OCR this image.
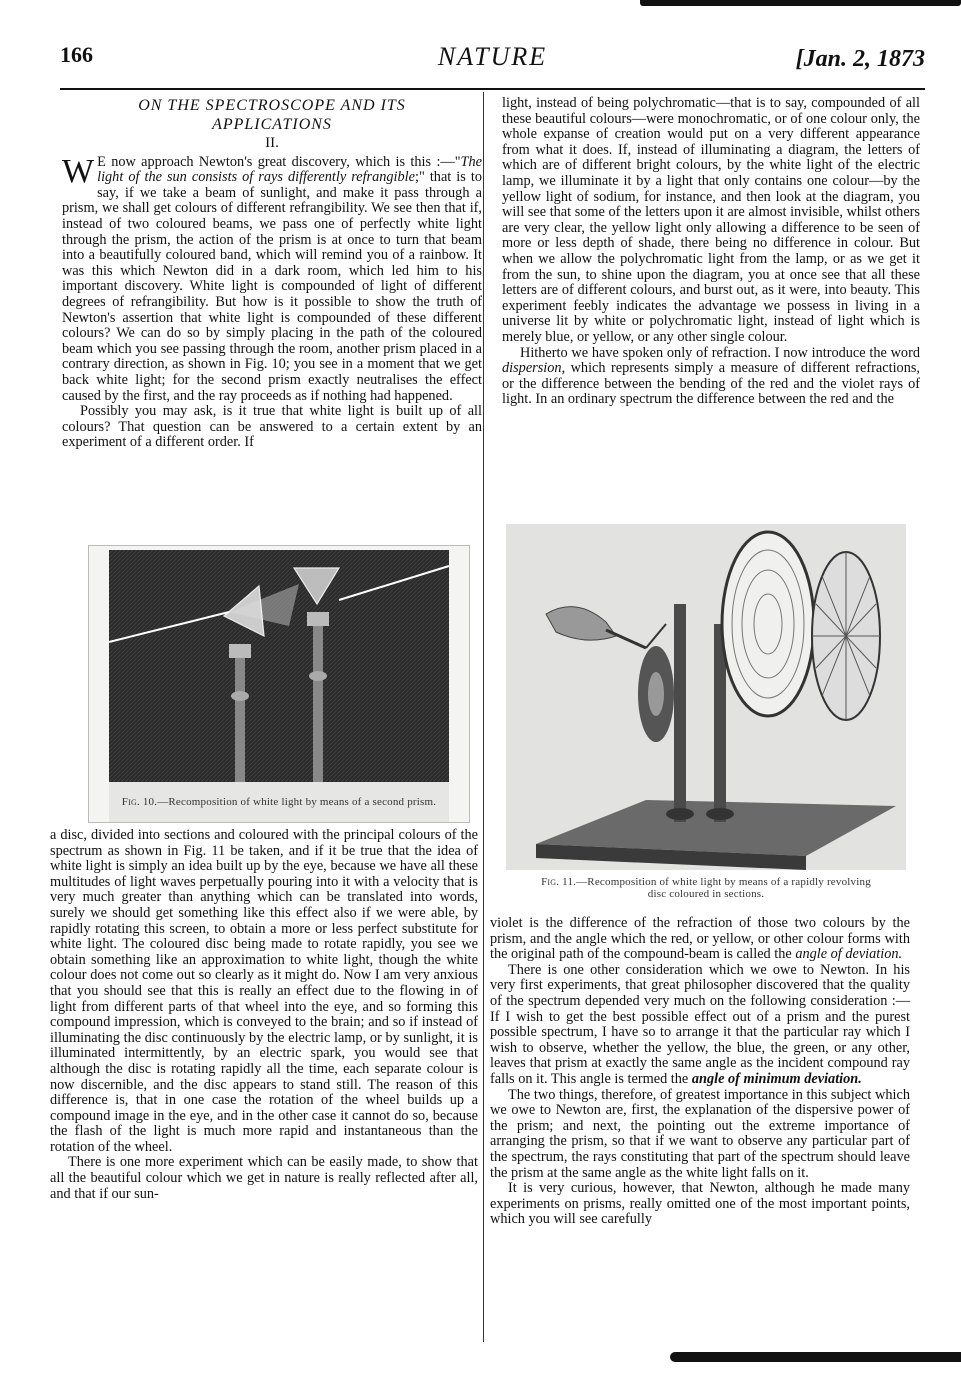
166	NATURE	[Jan. 2, 1873
ON THE SPECTROSCOPE AND ITS
APPLICATIONS
II.

W E now approach Newton's great discovery, which is this :—"The light of the sun consists of rays differently refrangible;" that is to say, if we take a beam of sunlight, and make it pass through a prism, we shall get colours of different refrangibility. We see then that if, instead of two coloured beams, we pass one of perfectly white light through the prism, the action of the prism is at once to turn that beam into a beautifully coloured band, which will remind you of a rainbow. It was this which Newton did in a dark room, which led him to his important discovery. White light is compounded of light of different degrees of refrangibility. But how is it possible to show the truth of Newton's assertion that white light is compounded of these different colours? We can do so by simply placing in the path of the coloured beam which you see passing through the room, another prism placed in a contrary direction, as shown in Fig. 10; you see in a moment that we get back white light; for the second prism exactly neutralises the effect caused by the first, and the ray proceeds as if nothing had happened.

Possibly you may ask, is it true that white light is built up of all colours? That question can be answered to a certain extent by an experiment of a different order. If

Fig. 10.—Recomposition of white light by means of a second prism.

a disc, divided into sections and coloured with the principal colours of the spectrum as shown in Fig. 11 be taken, and if it be true that the idea of white light is simply an idea built up by the eye, because we have all these multitudes of light waves perpetually pouring into it with a velocity that is very much greater than anything which can be translated into words, surely we should get something like this effect also if we were able, by rapidly rotating this screen, to obtain a more or less perfect substitute for white light. The coloured disc being made to rotate rapidly, you see we obtain something like an approximation to white light, though the white colour does not come out so clearly as it might do. Now I am very anxious that you should see that this is really an effect due to the flowing in of light from different parts of that wheel into the eye, and so forming this compound impression, which is conveyed to the brain; and so if instead of illuminating the disc continuously by the electric lamp, or by sunlight, it is illuminated intermittently, by an electric spark, you would see that although the disc is rotating rapidly all the time, each separate colour is now discernible, and the disc appears to stand still. The reason of this difference is, that in one case the rotation of the wheel builds up a compound image in the eye, and in the other case it cannot do so, because the flash of the light is much more rapid and instantaneous than the rotation of the wheel.

There is one more experiment which can be easily made, to show that all the beautiful colour which we get in nature is really reflected after all, and that if our sun-

light, instead of being polychromatic—that is to say, compounded of all these beautiful colours—were monochromatic, or of one colour only, the whole expanse of creation would put on a very different appearance from what it does. If, instead of illuminating a diagram, the letters of which are of different bright colours, by the white light of the electric lamp, we illuminate it by a light that only contains one colour—by the yellow light of sodium, for instance, and then look at the diagram, you will see that some of the letters upon it are almost invisible, whilst others are very clear, the yellow light only allowing a difference to be seen of more or less depth of shade, there being no difference in colour. But when we allow the polychromatic light from the lamp, or as we get it from the sun, to shine upon the diagram, you at once see that all these letters are of different colours, and burst out, as it were, into beauty. This experiment feebly indicates the advantage we possess in living in a universe lit by white or polychromatic light, instead of light which is merely blue, or yellow, or any other single colour.

Hitherto we have spoken only of refraction. I now introduce the word dispersion, which represents simply a measure of different refractions, or the difference between the bending of the red and the violet rays of light. In an ordinary spectrum the difference between the red and the

Fig. 11.—Recomposition of white light by means of a rapidly revolving
disc coloured in sections.

violet is the difference of the refraction of those two colours by the prism, and the angle which the red, or yellow, or other colour forms with the original path of the compound-beam is called the angle of deviation.

There is one other consideration which we owe to Newton. In his very first experiments, that great philosopher discovered that the quality of the spectrum depended very much on the following consideration :—If I wish to get the best possible effect out of a prism and the purest possible spectrum, I have so to arrange it that the particular ray which I wish to observe, whether the yellow, the blue, the green, or any other, leaves that prism at exactly the same angle as the incident compound ray falls on it. This angle is termed the angle of minimum deviation.

The two things, therefore, of greatest importance in this subject which we owe to Newton are, first, the explanation of the dispersive power of the prism; and next, the pointing out the extreme importance of arranging the prism, so that if we want to observe any particular part of the spectrum, the rays constituting that part of the spectrum should leave the prism at the same angle as the white light falls on it.

It is very curious, however, that Newton, although he made many experiments on prisms, really omitted one of the most important points, which you will see carefully
